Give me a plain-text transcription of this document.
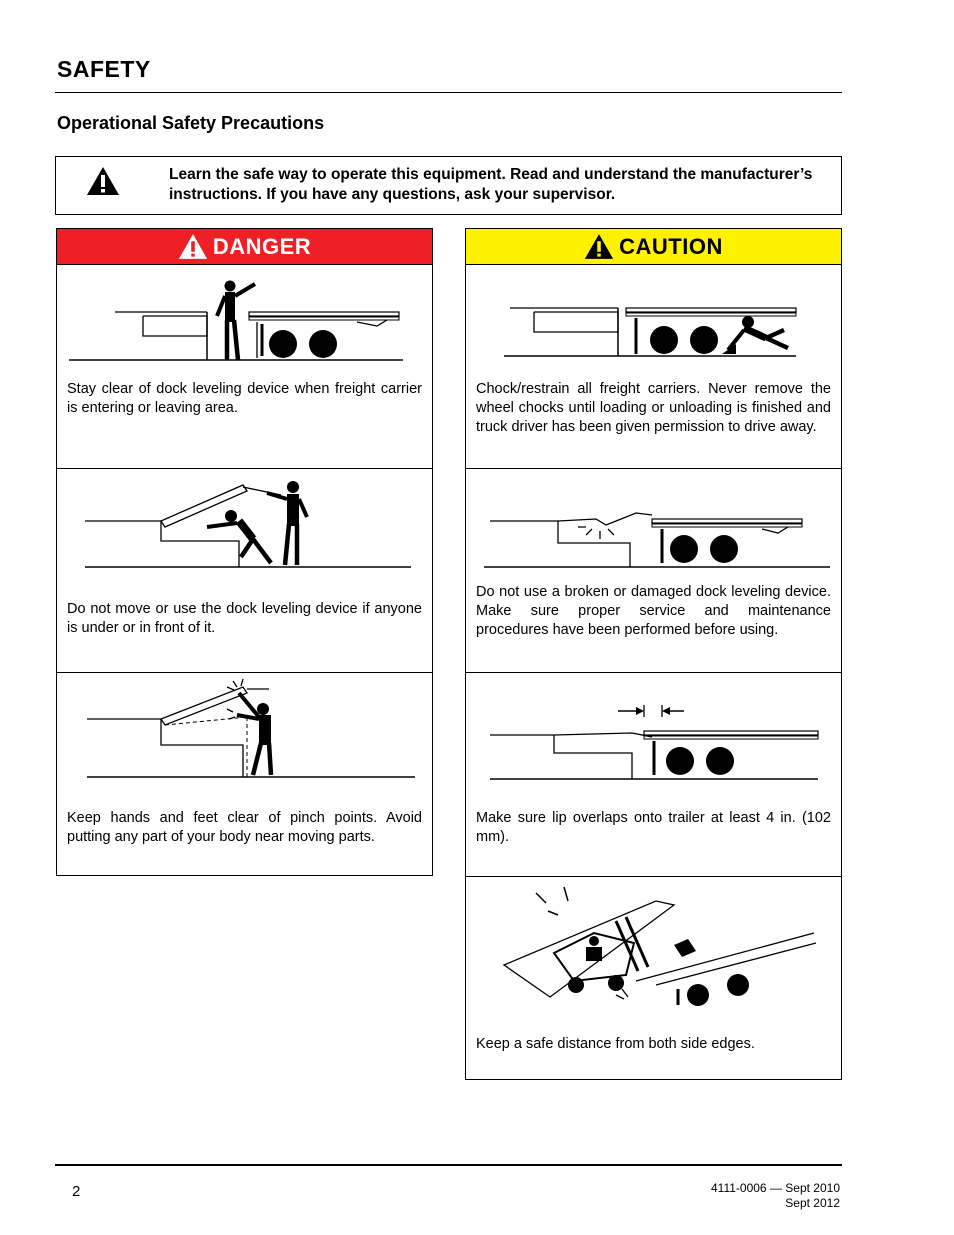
SAFETY
Operational Safety Precautions
Learn the safe way to operate this equipment. Read and understand the manufacturer’s instructions. If you have any questions, ask your supervisor.
DANGER
Stay clear of dock leveling device when freight carrier is entering or leaving area.
Do not move or use the dock leveling device if anyone is under or in front of it.
Keep hands and feet clear of pinch points. Avoid putting any part of your body near moving parts.
CAUTION
Chock/restrain all freight carriers. Never remove the wheel chocks until loading or unloading is finished and truck driver has been given permission to drive away.
Do not use a broken or damaged dock leveling device. Make sure proper service and maintenance procedures have been performed before using.
Make sure lip overlaps onto trailer at least 4 in. (102 mm).
Keep a safe distance from both side edges.
2	4111-0006 — Sept 2010
Sept 2012
